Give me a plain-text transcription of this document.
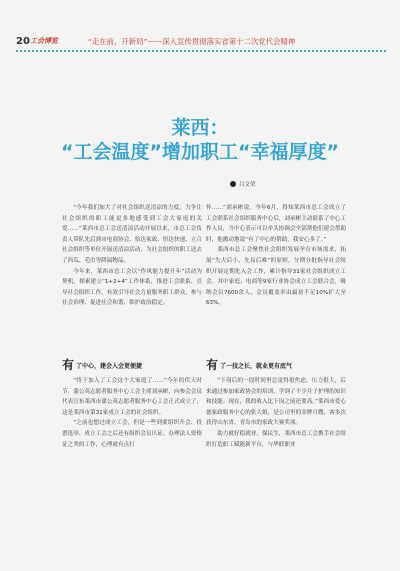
20 工会博览	“走在前，开新局”——深入宣传贯彻落实省第十二次党代会精神
莱西：
“工会温度”增加职工“幸福厚度”
吕文荣

“今年我们加大了对社会组织送清凉的力度，力争让社会组织的职工能更多地感受到工会大家庭的关爱……”莱西市总工会送清凉活动开展以来，市总工会负责人带队先后到市电商协会、恰达家政、恒达快递、立合社会组织等单位开展送清凉活动，为社会组织的职工送去了西瓜、毛巾等降温物品。

今年来，莱西市总工会以“作风能力提升年”活动为契机，探索建立“1+2+4”工作体系，推进工会联系、引导社会组织工作，有效引导社会力量服务职工群众、参与社会治理、促进社会和谐、维护政治稳定。

怀……”刘承彬说。今年6月，得知莱西市总工会成立了工会联系社会组织服务中心后，刘承彬主动联系了中心工作人员，当中心表示可以牵头协调会全部帮他们建会帮助时，他激动地说“有了中心的帮助，我安心多了。”

莱西市总工会聚焦社会组织发展孕育市场需求，拓展“失大后小、先易后难”的原则，分期分批指导社会组织开展定期化入会工作，累计指导31家社会组织成立工会。其中家庭、电商等9家行业协会成立工会联合会，吸纳会员7600余人，会员覆盖率由最初不足10%扩大至63%。

有 了中心，建会入会更便捷	有 了一技之长，就业更有底气

“终于加入了工会这个大家庭了……”今年的伏天时节，蒲公英志愿者服务中心工会主席刘承彬，向参会会员代表宣布莱西市蒲公英志愿者服务中心工会正式成立了，这是莱西市第31家成立工会的社会组织。

“之前也想过成立工会，但是一些到要组织开会、投票选举、成立工会之后还有组织会员认证、办理法人资格证之类的工作，心理就有点打

“下岗后的一段时间里总觉得很焦虑，压力很大，后来通过参加家政协会的培训，学到了不少月子护理的知识和技能。现在，我的收入比下岗之前还要高。”莱西市爱心德家政服务中心的张大姐，是公司里的金牌月嫂，客多次获得山东省、青岛市的家政大赛奖项。

助力就好稳就业，保民生，莱西市总工会携手社会组织打造职工赋能新平台，与华联职业
